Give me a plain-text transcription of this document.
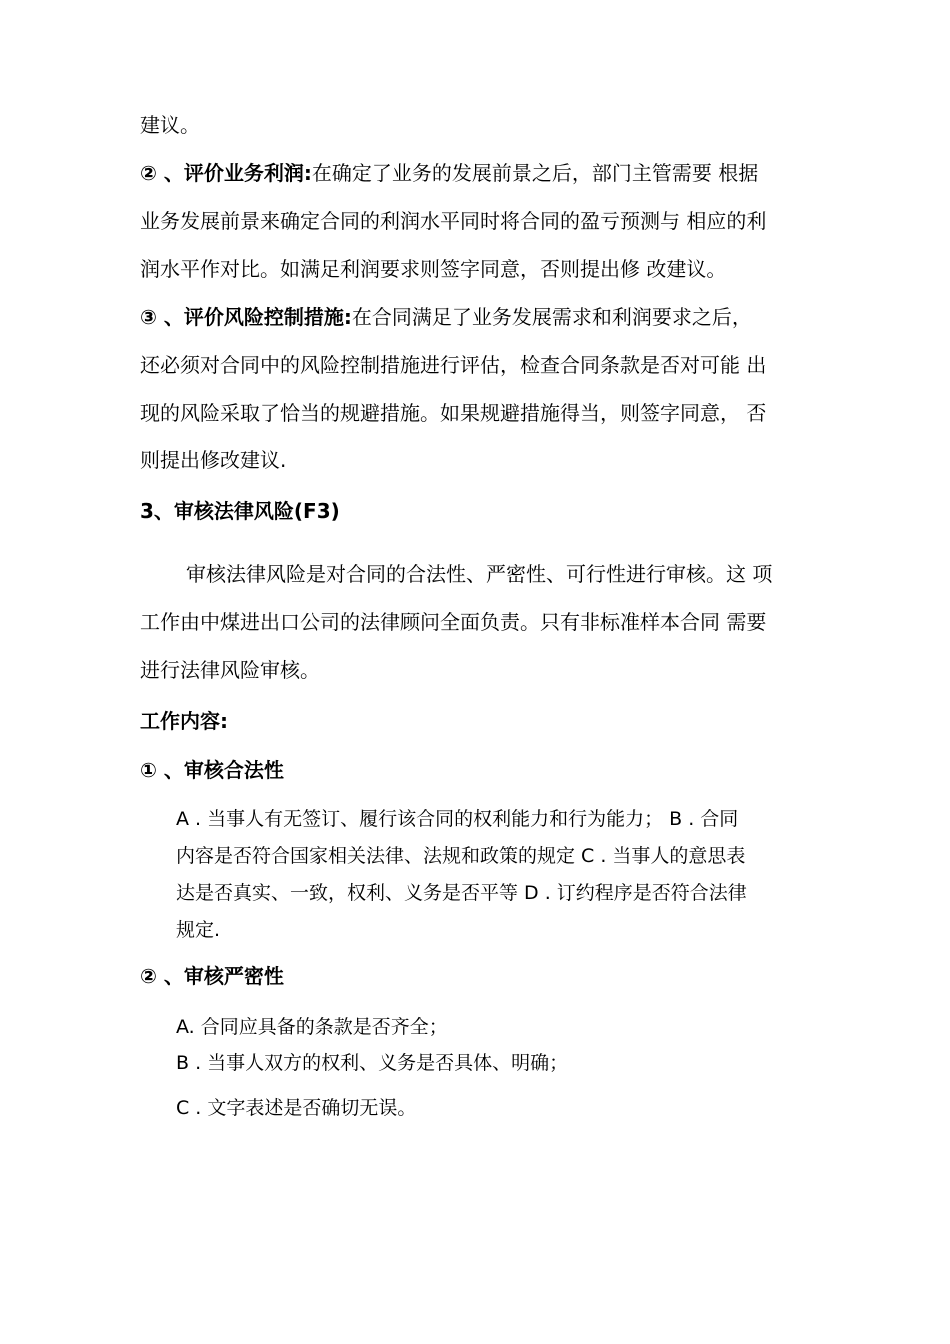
建议。
② 、评价业务利润:在确定了业务的发展前景之后，部门主管需要 根据
业务发展前景来确定合同的利润水平同时将合同的盈亏预测与 相应的利
润水平作对比。如满足利润要求则签字同意，否则提出修 改建议。
③ 、评价风险控制措施:在合同满足了业务发展需求和利润要求之后，
还必须对合同中的风险控制措施进行评估，检查合同条款是否对可能 出
现的风险采取了恰当的规避措施。如果规避措施得当，则签字同意， 否
则提出修改建议.
3、审核法律风险(F3)
审核法律风险是对合同的合法性、严密性、可行性进行审核。这 项
工作由中煤进出口公司的法律顾问全面负责。只有非标准样本合同 需要
进行法律风险审核。
工作内容:
① 、审核合法性
A . 当事人有无签订、履行该合同的权利能力和行为能力； B . 合同
内容是否符合国家相关法律、法规和政策的规定 C . 当事人的意思表
达是否真实、一致，权利、义务是否平等 D . 订约程序是否符合法律
规定.
② 、审核严密性
A. 合同应具备的条款是否齐全；
B . 当事人双方的权利、义务是否具体、明确；
C . 文字表述是否确切无误。
